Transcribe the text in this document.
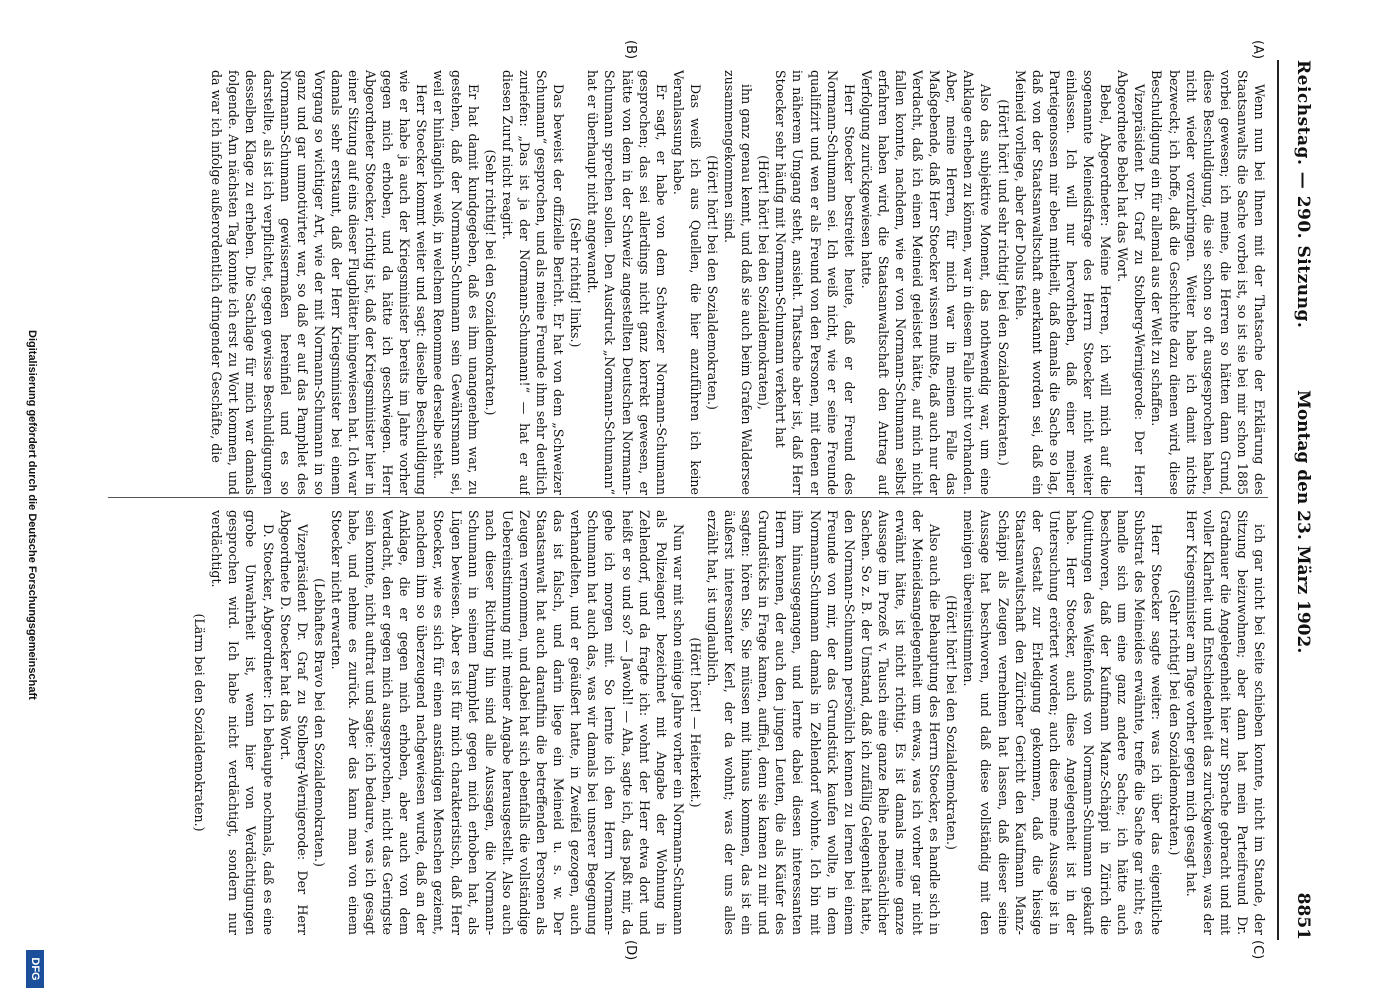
Reichstag. — 290. Sitzung.
Montag den 23. März 1902.
8851
(A)
(B)
(C)
(D)

Wenn nun bei Ihnen mit der Thatsache der Erklärung des Staatsanwalts die Sache vorbei ist, so ist sie bei mir schon 1885 vorbei gewesen; ich meine, die Herren so hätten dann Grund, diese Beschuldigung, die sie schon so oft ausgesprochen haben, nicht wieder vorzubringen. Weiter habe ich damit nichts bezweckt; ich hoffe, daß die Geschichte dazu dienen wird, diese Beschuldigung ein für allemal aus der Welt zu schaffen.

Vizepräsident Dr. Graf zu Stolberg-Wernigerode: Der Herr Abgeordnete Bebel hat das Wort.

Bebel, Abgeordneter: Meine Herren, ich will mich auf die sogenannte Meineidsfrage des Herrn Stoecker nicht weiter einlassen. Ich will nur hervorheben, daß einer meiner Parteigenossen mir eben mittheilt, daß damals die Sache so lag, daß von der Staatsanwaltschaft anerkannt worden sei, daß ein Meineid vorliege, aber der Dolus fehle.

(Hört! hört! und sehr richtig! bei den Sozialdemokraten.)

Also das subjektive Moment, das nothwendig war, um eine Anklage erheben zu können, war in diesem Falle nicht vorhanden. Aber, meine Herren, für mich war in meinem Falle das Maßgebende, daß Herr Stoecker wissen mußte, daß auch nur der Verdacht, daß ich einen Meineid geleistet hätte, auf mich nicht fallen konnte, nachdem, wie er von Normann-Schumann selbst erfahren haben wird, die Staatsanwaltschaft den Antrag auf Verfolgung zurückgewiesen hatte.

Herr Stoecker bestreitet heute, daß er der Freund des Normann-Schumann sei. Ich weiß nicht, wie er seine Freunde qualifizirt und wen er als Freund von den Personen, mit denen er in näherem Umgang steht, ansieht. Thatsache aber ist, daß Herr Stoecker sehr häufig mit Normann-Schumann verkehrt hat

(Hört! hört! bei den Sozialdemokraten),

ihn ganz genau kennt, und daß sie auch beim Grafen Waldersee zusammengekommen sind.

(Hört! hört! bei den Sozialdemokraten.)

Das weiß ich aus Quellen, die hier anzuführen ich keine Veranlassung habe.

Er sagt, er habe von dem Schweizer Normann-Schumann gesprochen; das sei allerdings nicht ganz korrekt gewesen, er hätte von dem in der Schweiz angestellten Deutschen Normann-Schumann sprechen sollen. Den Ausdruck „Normann-Schumann“ hat er überhaupt nicht angewandt.

(Sehr richtig! links.)

Das beweist der offizielle Bericht. Er hat von dem „Schweizer Schumann“ gesprochen, und als meine Freunde ihm sehr deutlich zuriefen: „Das ist ja der Normann-Schumann!“ — hat er auf diesen Zuruf nicht reagirt.

(Sehr richtig! bei den Sozialdemokraten.)

Er hat damit kundgegeben, daß es ihm unangenehm war, zu gestehen, daß der Normann-Schumann sein Gewährsmann sei, weil er hinlänglich weiß, in welchem Renommee derselbe steht.

Herr Stoecker kommt weiter und sagt: dieselbe Beschuldigung wie er habe ja auch der Kriegsminister bereits im Jahre vorher gegen mich erhoben, und da hätte ich geschwiegen. Herr Abgeordneter Stoecker, richtig ist, daß der Kriegsminister hier in einer Sitzung auf eins dieser Flugblätter hingewiesen hat. Ich war damals sehr erstaunt, daß der Herr Kriegsminister bei einem Vorgang so wichtiger Art, wie der mit Normann-Schumann in so ganz und gar unmotivirter war, so daß er auf das Pamphlet des Normann-Schumann gewissermaßen hereinfiel und es so darstellte, als ist ich verpflichtet, gegen gewisse Beschuldigungen desselben Klage zu erheben. Die Sachlage für mich war damals folgende. Am nächsten Tag konnte ich erst zu Wort kommen, und da war ich infolge außerordentlich dringender Geschäfte, die

ich gar nicht bei Seite schieben konnte, nicht im Stande, der Sitzung beizuwohnen; aber dann hat mein Parteifreund Dr. Gradnauer die Angelegenheit hier zur Sprache gebracht und mit voller Klarheit und Entschiedenheit das zurückgewiesen, was der Herr Kriegsminister am Tage vorher gegen mich gesagt hat.

(Sehr richtig! bei den Sozialdemokraten.)

Herr Stoecker sagte weiter: was ich über das eigentliche Substrat des Meineides erwähnte, treffe die Sache gar nicht; es handle sich um eine ganz andere Sache; ich hätte auch beschworen, daß der Kaufmann Manz-Schäppi in Zürich die Quittungen des Welfenfonds von Normann-Schumann gekauft habe. Herr Stoecker, auch diese Angelegenheit ist in der Untersuchung erörtert worden; auch diese meine Aussage ist in der Gestalt zur Erledigung gekommen, daß die hiesige Staatsanwaltschaft den Züricher Gericht den Kaufmann Manz-Schäppi als Zeugen vernehmen hat lassen, daß dieser seine Aussage hat beschworen, und daß diese vollständig mit den meinigen übereinstimmten.

(Hört! hört! bei den Sozialdemokraten.)

Also auch die Behauptung des Herrn Stoecker, es handle sich in der Meineidsangelegenheit um etwas, was ich vorher gar nicht erwähnt hätte, ist nicht richtig. Es ist damals meine ganze Aussage im Prozeß v. Tausch eine ganze Reihe nebensächlicher Sachen. So z. B. der Umstand, daß ich zufällig Gelegenheit hatte, den Normann-Schumann persönlich kennen zu lernen bei einem Freunde von mir, der das Grundstück kaufen wollte, in dem Normann-Schumann damals in Zehlendorf wohnte. Ich bin mit ihm hinausgegangen, und lernte dabei diesen interessanten Herrn kennen, der auch den jungen Leuten, die als Käufer des Grundstücks in Frage kamen, auffiel, denn sie kamen zu mir und sagten: hören Sie, Sie müssen mit hinaus kommen, das ist ein äußerst interessanter Kerl, der da wohnt; was der uns alles erzählt hat, ist unglaublich.

(Hört! hört! — Heiterkeit.)

Nun war mit schon einige Jahre vorher ein Normann-Schumann als Polizeiagent bezeichnet mit Angabe der Wohnung in Zehlendorf, und da fragte ich: wohnt der Herr etwa dort und heißt er so und so? — Jawohl! — Aha, sagte ich, das paßt mir, da gehe ich morgen mit. So lernte ich den Herrn Normann-Schumann hat auch das, was wir damals bei unserer Begegnung verhandelten, und er geäußert hatte, in Zweifel gezogen, auch das ist falsch, und darin liege ein Meineid u. s. w. Der Staatsanwalt hat auch daraufhin die betreffenden Personen als Zeugen vernommen, und dabei hat sich ebenfalls die vollständige Uebereinstimmung mit meiner Angabe herausgestellt. Also auch nach dieser Richtung hin sind alle Aussagen, die Normann-Schumann in seinem Pamphlet gegen mich erhoben hat, als Lügen bewiesen. Aber es ist für mich charakteristisch, daß Herr Stoecker, wie es sich für einen anständigen Menschen geziemt, nachdem ihm so überzeugend nachgewiesen wurde, daß an der Anklage, die er gegen mich erhoben, aber auch von dem Verdacht, den er gegen mich ausgesprochen, nicht das Geringste sein konnte, nicht auftrat und sagte: ich bedaure, was ich gesagt habe, und nehme es zurück. Aber das kann man von einem Stoecker nicht erwarten.

(Lebhaftes Bravo bei den Sozialdemokraten.)

Vizepräsident Dr. Graf zu Stolberg-Wernigerode: Der Herr Abgeordnete D. Stoecker hat das Wort.

D. Stoecker, Abgeordneter: Ich behaupte nochmals, daß es eine grobe Unwahrheit ist, wenn hier von Verdächtigungen gesprochen wird. Ich habe nicht verdächtigt, sondern nur verdächtigt.

(Lärm bei den Sozialdemokraten.)

Digitalisierung gefördert durch die Deutsche Forschungsgemeinschaft
DFG
